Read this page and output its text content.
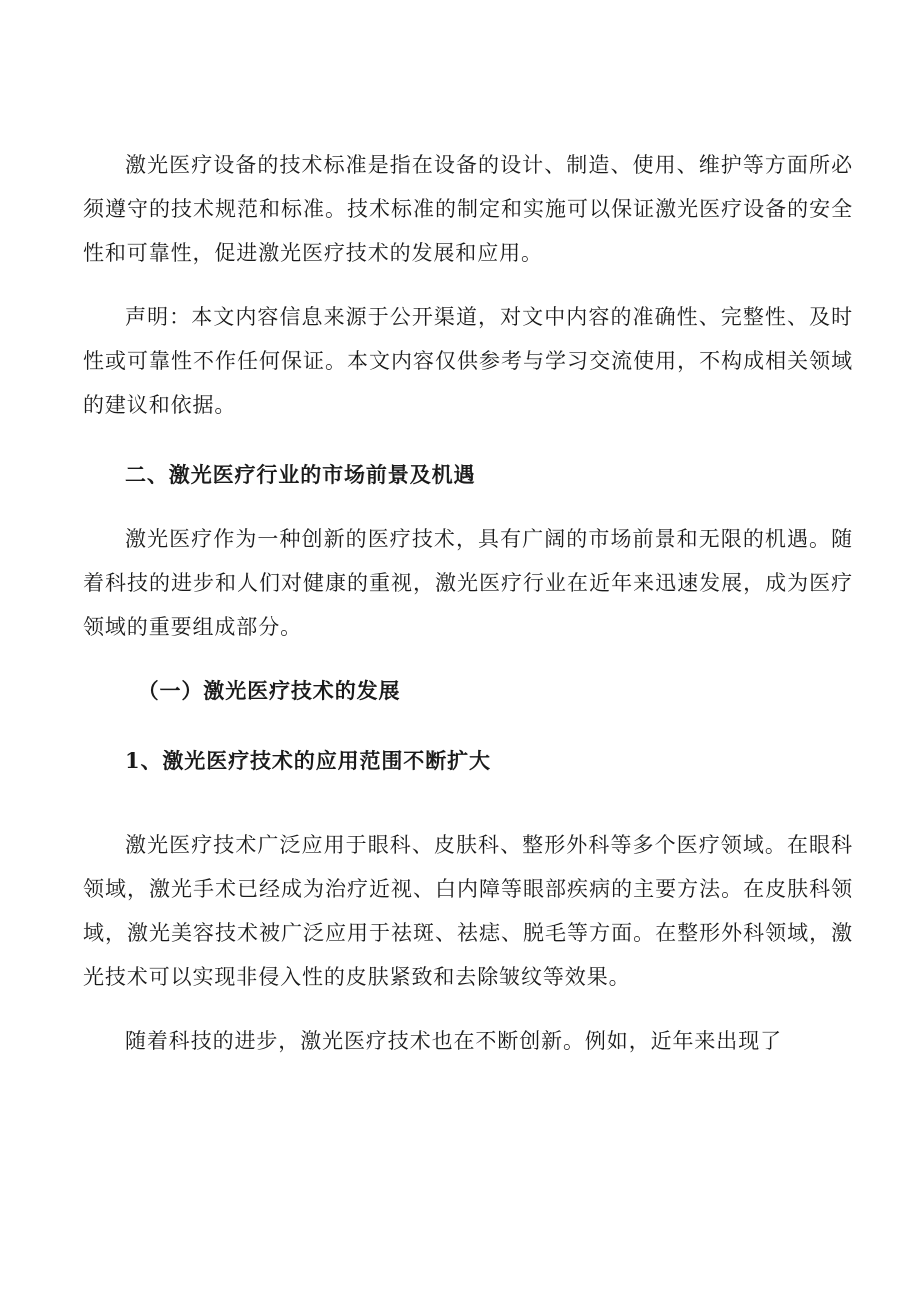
激光医疗设备的技术标准是指在设备的设计、制造、使用、维护等方面所必须遵守的技术规范和标准。技术标准的制定和实施可以保证激光医疗设备的安全性和可靠性，促进激光医疗技术的发展和应用。

声明：本文内容信息来源于公开渠道，对文中内容的准确性、完整性、及时性或可靠性不作任何保证。本文内容仅供参考与学习交流使用，不构成相关领域的建议和依据。

二、激光医疗行业的市场前景及机遇

激光医疗作为一种创新的医疗技术，具有广阔的市场前景和无限的机遇。随着科技的进步和人们对健康的重视，激光医疗行业在近年来迅速发展，成为医疗领域的重要组成部分。

（一）激光医疗技术的发展
1、激光医疗技术的应用范围不断扩大

激光医疗技术广泛应用于眼科、皮肤科、整形外科等多个医疗领域。在眼科领域，激光手术已经成为治疗近视、白内障等眼部疾病的主要方法。在皮肤科领域，激光美容技术被广泛应用于祛斑、祛痣、脱毛等方面。在整形外科领域，激光技术可以实现非侵入性的皮肤紧致和去除皱纹等效果。

随着科技的进步，激光医疗技术也在不断创新。例如，近年来出现了
